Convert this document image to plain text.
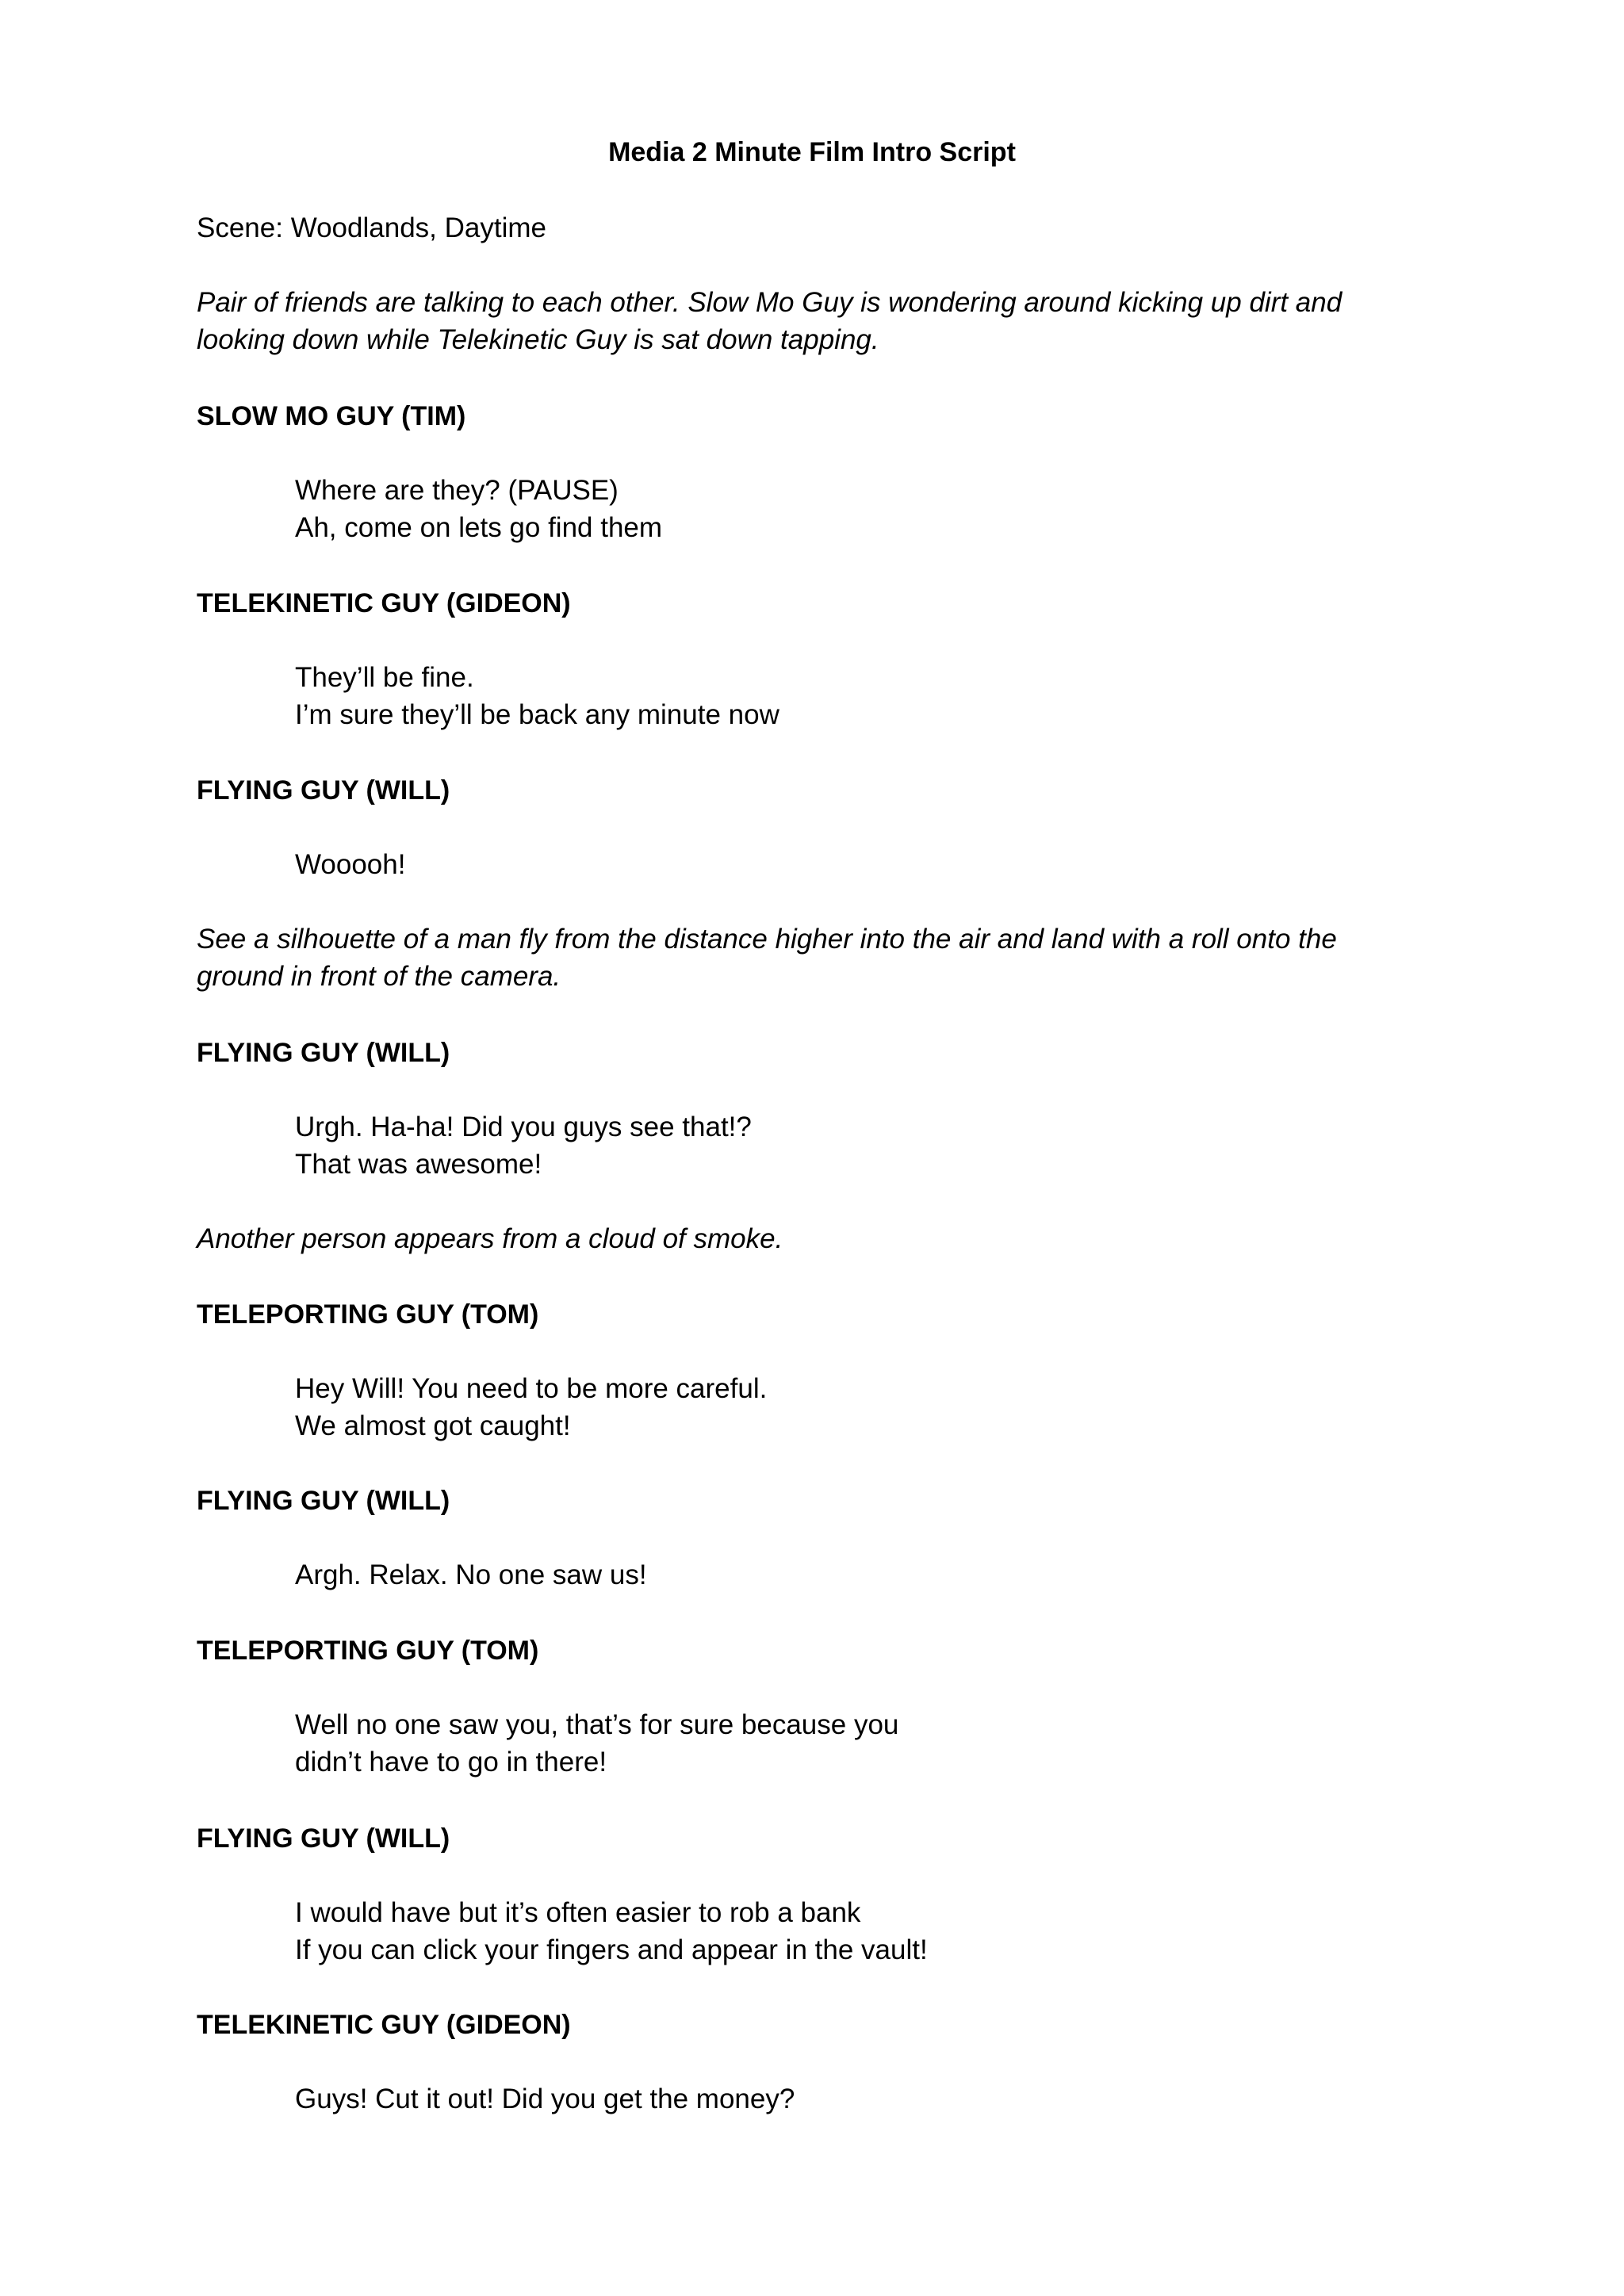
Media 2 Minute Film Intro Script

Scene: Woodlands, Daytime

Pair of friends are talking to each other. Slow Mo Guy is wondering around kicking up dirt and

looking down while Telekinetic Guy is sat down tapping.

SLOW MO GUY (TIM)

Where are they? (PAUSE)

Ah, come on lets go find them

TELEKINETIC GUY (GIDEON)

They’ll be fine.

I’m sure they’ll be back any minute now

FLYING GUY (WILL)

Wooooh!

See a silhouette of a man fly from the distance higher into the air and land with a roll onto the

ground in front of the camera.

FLYING GUY (WILL)

Urgh. Ha-ha! Did you guys see that!?

That was awesome!

Another person appears from a cloud of smoke.

TELEPORTING GUY (TOM)

Hey Will! You need to be more careful.

We almost got caught!

FLYING GUY (WILL)

Argh. Relax. No one saw us!

TELEPORTING GUY (TOM)

Well no one saw you, that’s for sure because you

didn’t have to go in there!

FLYING GUY (WILL)

I would have but it’s often easier to rob a bank

If you can click your fingers and appear in the vault!

TELEKINETIC GUY (GIDEON)

Guys! Cut it out! Did you get the money?
